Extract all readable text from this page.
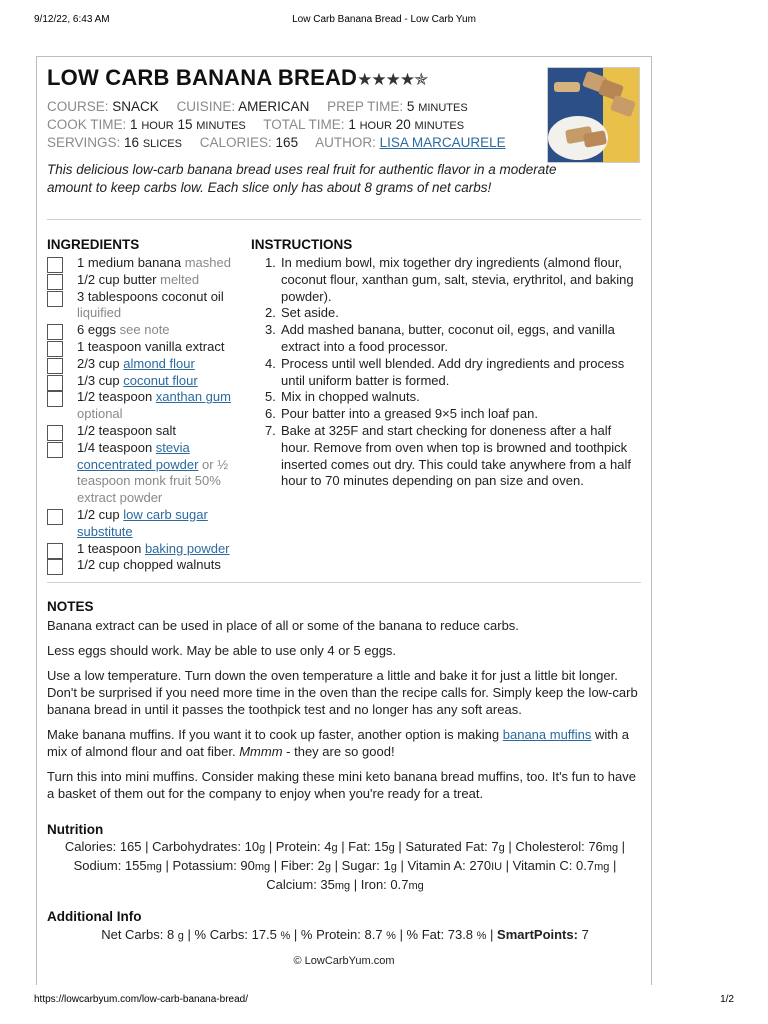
9/12/22, 6:43 AM	Low Carb Banana Bread - Low Carb Yum
LOW CARB BANANA BREAD★★★★✯
COURSE: SNACK CUISINE: AMERICAN PREP TIME: 5 MINUTES
COOK TIME: 1 HOUR 15 MINUTES TOTAL TIME: 1 HOUR 20 MINUTES
SERVINGS: 16 SLICES CALORIES: 165 AUTHOR: LISA MARCAURELE
This delicious low-carb banana bread uses real fruit for authentic flavor in a moderate amount to keep carbs low. Each slice only has about 8 grams of net carbs!
INGREDIENTS	INSTRUCTIONS
1 medium banana mashed
1/2 cup butter melted
3 tablespoons coconut oil liquified
6 eggs see note
1 teaspoon vanilla extract
2/3 cup almond flour
1/3 cup coconut flour
1/2 teaspoon xanthan gum optional
1/2 teaspoon salt
1/4 teaspoon stevia concentrated powder or ½ teaspoon monk fruit 50% extract powder
1/2 cup low carb sugar substitute
1 teaspoon baking powder
1/2 cup chopped walnuts
1. In medium bowl, mix together dry ingredients (almond flour, coconut flour, xanthan gum, salt, stevia, erythritol, and baking powder).
2. Set aside.
3. Add mashed banana, butter, coconut oil, eggs, and vanilla extract into a food processor.
4. Process until well blended. Add dry ingredients and process until uniform batter is formed.
5. Mix in chopped walnuts.
6. Pour batter into a greased 9×5 inch loaf pan.
7. Bake at 325F and start checking for doneness after a half hour. Remove from oven when top is browned and toothpick inserted comes out dry. This could take anywhere from a half hour to 70 minutes depending on pan size and oven.
NOTES

Banana extract can be used in place of all or some of the banana to reduce carbs.

Less eggs should work. May be able to use only 4 or 5 eggs.

Use a low temperature. Turn down the oven temperature a little and bake it for just a little bit longer. Don't be surprised if you need more time in the oven than the recipe calls for. Simply keep the low-carb banana bread in until it passes the toothpick test and no longer has any soft areas.

Make banana muffins. If you want it to cook up faster, another option is making banana muffins with a mix of almond flour and oat fiber. Mmmm - they are so good!

Turn this into mini muffins. Consider making these mini keto banana bread muffins, too. It's fun to have a basket of them out for the company to enjoy when you're ready for a treat.

Nutrition
Calories: 165 | Carbohydrates: 10g | Protein: 4g | Fat: 15g | Saturated Fat: 7g | Cholesterol: 76mg | Sodium: 155mg | Potassium: 90mg | Fiber: 2g | Sugar: 1g | Vitamin A: 270IU | Vitamin C: 0.7mg | Calcium: 35mg | Iron: 0.7mg
Additional Info
Net Carbs: 8 g | % Carbs: 17.5 % | % Protein: 8.7 % | % Fat: 73.8 % | SmartPoints: 7
© LowCarbYum.com
https://lowcarbyum.com/low-carb-banana-bread/	1/2
